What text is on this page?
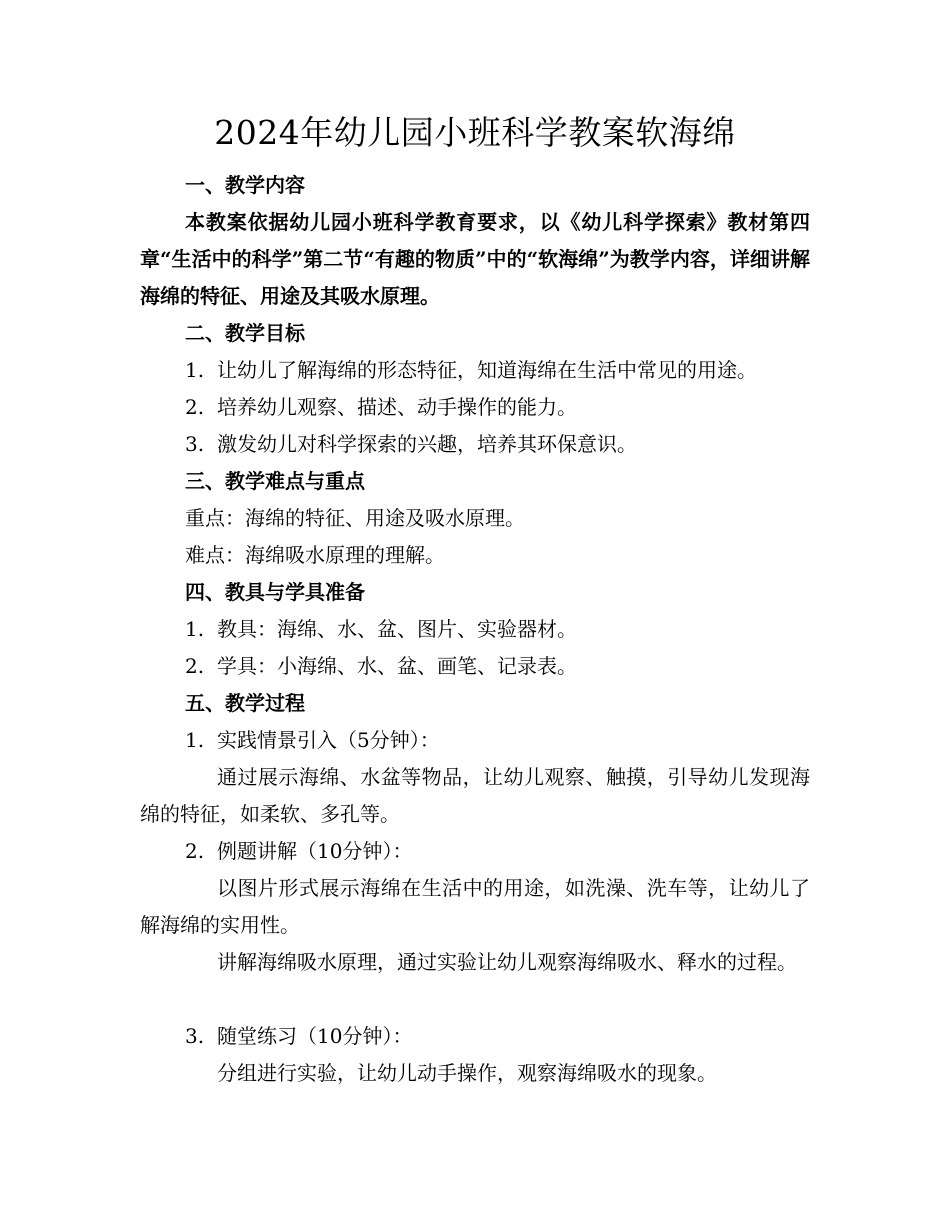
2024年幼儿园小班科学教案软海绵
一、教学内容
本教案依据幼儿园小班科学教育要求，以《幼儿科学探索》教材第四章“生活中的科学”第二节“有趣的物质”中的“软海绵”为教学内容，详细讲解海绵的特征、用途及其吸水原理。
二、教学目标
1. 让幼儿了解海绵的形态特征，知道海绵在生活中常见的用途。
2. 培养幼儿观察、描述、动手操作的能力。
3. 激发幼儿对科学探索的兴趣，培养其环保意识。
三、教学难点与重点
重点：海绵的特征、用途及吸水原理。
难点：海绵吸水原理的理解。
四、教具与学具准备
1. 教具：海绵、水、盆、图片、实验器材。
2. 学具：小海绵、水、盆、画笔、记录表。
五、教学过程
1. 实践情景引入（5分钟）：
通过展示海绵、水盆等物品，让幼儿观察、触摸，引导幼儿发现海绵的特征，如柔软、多孔等。
2. 例题讲解（10分钟）：
以图片形式展示海绵在生活中的用途，如洗澡、洗车等，让幼儿了解海绵的实用性。
讲解海绵吸水原理，通过实验让幼儿观察海绵吸水、释水的过程。
3. 随堂练习（10分钟）：
分组进行实验，让幼儿动手操作，观察海绵吸水的现象。
